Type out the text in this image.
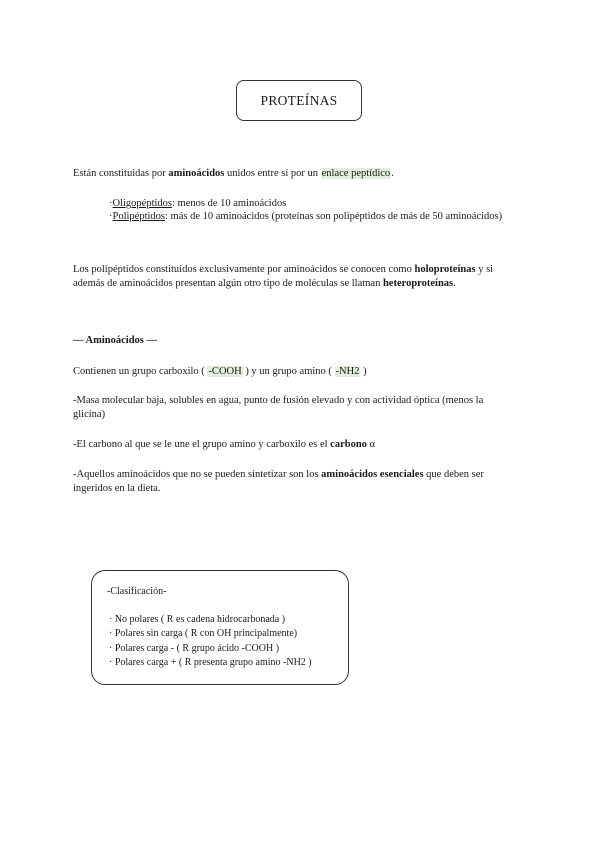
PROTEÍNAS
Están constituidas por aminoácidos unidos entre sí por un enlace peptídico.
·Oligopéptidos: menos de 10 aminoácidos
·Polipéptidos: más de 10 aminoácidos (proteínas son polipéptidos de más de 50 aminoácidos)
Los polipéptidos constituidos exclusivamente por aminoácidos se conocen como holoproteínas y si
además de aminoácidos presentan algún otro tipo de moléculas se llaman heteroproteínas.
— Aminoácidos —
Contienen un grupo carboxilo ( -COOH ) y un grupo amino ( -NH2 )
-Masa molecular baja, solubles en agua, punto de fusión elevado y con actividad óptica (menos la
glicina)
-El carbono al que se le une el grupo amino y carboxilo es el carbono α
-Aquellos aminoácidos que no se pueden sintetizar son los aminoácidos esenciales que deben ser
ingeridos en la dieta.
-Clasificación-
· No polares ( R es cadena hidrocarbonada )
· Polares sin carga ( R con OH principalmente)
· Polares carga - ( R grupo ácido -COOH )
· Polares carga + ( R presenta grupo amino -NH2 )
